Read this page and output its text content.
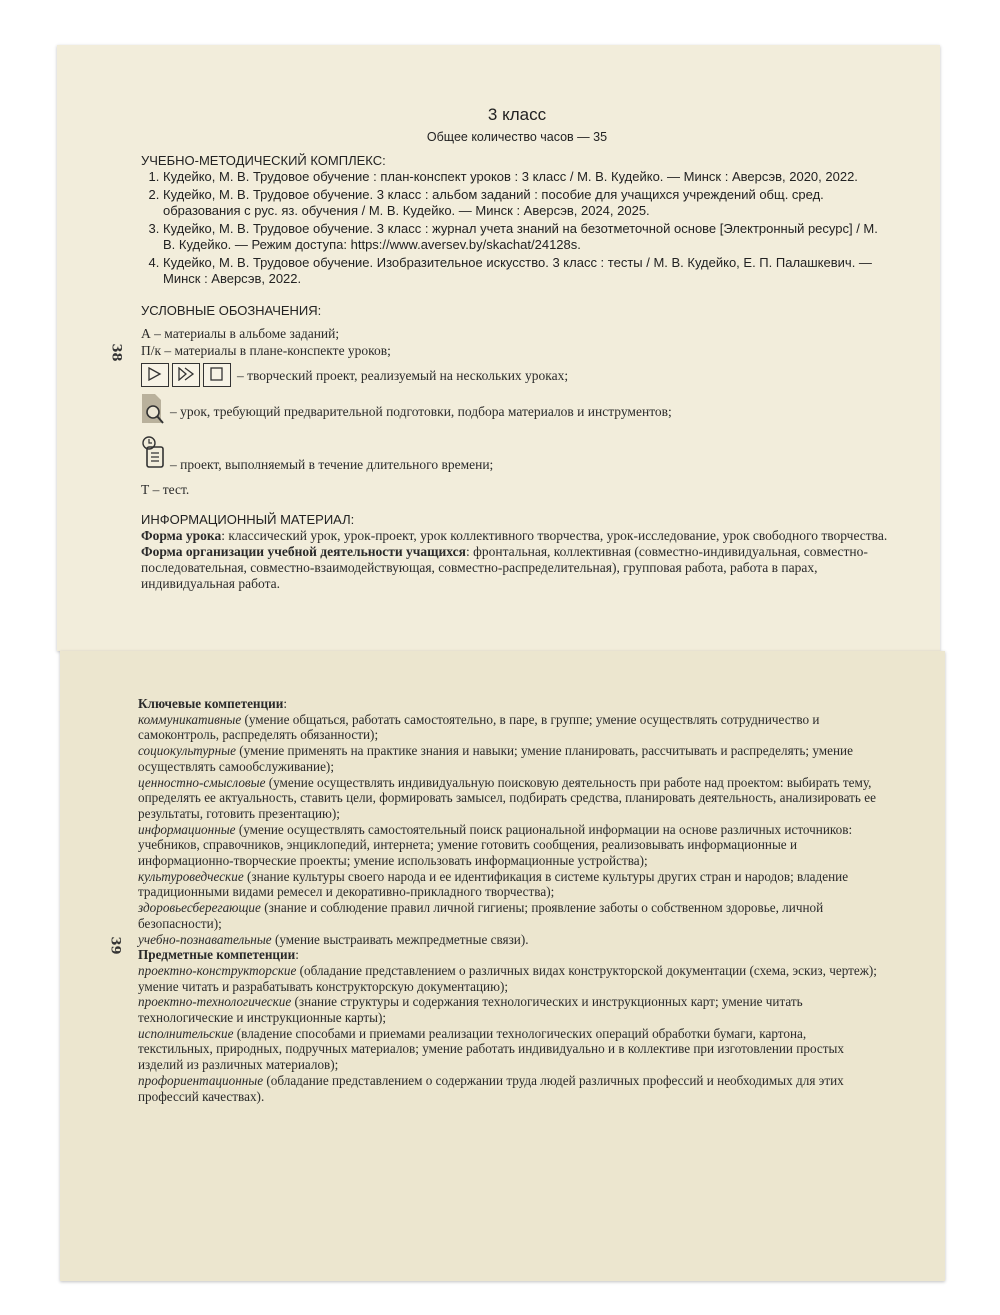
38
3 класс
Общее количество часов — 35
УЧЕБНО-МЕТОДИЧЕСКИЙ КОМПЛЕКС:
1. Кудейко, М. В. Трудовое обучение : план-конспект уроков : 3 класс / М. В. Кудейко. — Минск : Аверсэв, 2020, 2022.
2. Кудейко, М. В. Трудовое обучение. 3 класс : альбом заданий : пособие для учащихся учреждений общ. сред. образования с рус. яз. обучения / М. В. Кудейко. — Минск : Аверсэв, 2024, 2025.
3. Кудейко, М. В. Трудовое обучение. 3 класс : журнал учета знаний на безотметочной основе [Электронный ресурс] / М. В. Кудейко. — Режим доступа: https://www.aversev.by/skachat/24128s.
4. Кудейко, М. В. Трудовое обучение. Изобразительное искусство. 3 класс : тесты / М. В. Кудейко, Е. П. Палашкевич. — Минск : Аверсэв, 2022.
УСЛОВНЫЕ ОБОЗНАЧЕНИЯ:
А – материалы в альбоме заданий;
П/к – материалы в плане-конспекте уроков;
– творческий проект, реализуемый на нескольких уроках;
– урок, требующий предварительной подготовки, подбора материалов и инструментов;
– проект, выполняемый в течение длительного времени;
Т – тест.
ИНФОРМАЦИОННЫЙ МАТЕРИАЛ:
Форма урока: классический урок, урок-проект, урок коллективного творчества, урок-исследование, урок свободного творчества.
Форма организации учебной деятельности учащихся: фронтальная, коллективная (совместно-индивидуальная, совместно-последовательная, совместно-взаимодействующая, совместно-распределительная), групповая работа, работа в парах, индивидуальная работа.
39
Ключевые компетенции:
коммуникативные (умение общаться, работать самостоятельно, в паре, в группе; умение осуществлять сотрудничество и самоконтроль, распределять обязанности);
социокультурные (умение применять на практике знания и навыки; умение планировать, рассчитывать и распределять; умение осуществлять самообслуживание);
ценностно-смысловые (умение осуществлять индивидуальную поисковую деятельность при работе над проектом: выбирать тему, определять ее актуальность, ставить цели, формировать замысел, подбирать средства, планировать деятельность, анализировать ее результаты, готовить презентацию);
информационные (умение осуществлять самостоятельный поиск рациональной информации на основе различных источников: учебников, справочников, энциклопедий, интернета; умение готовить сообщения, реализовывать информационные и информационно-творческие проекты; умение использовать информационные устройства);
культуроведческие (знание культуры своего народа и ее идентификация в системе культуры других стран и народов; владение традиционными видами ремесел и декоративно-прикладного творчества);
здоровьесберегающие (знание и соблюдение правил личной гигиены; проявление заботы о собственном здоровье, личной безопасности);
учебно-познавательные (умение выстраивать межпредметные связи).
Предметные компетенции:
проектно-конструкторские (обладание представлением о различных видах конструкторской документации (схема, эскиз, чертеж); умение читать и разрабатывать конструкторскую документацию);
проектно-технологические (знание структуры и содержания технологических и инструкционных карт; умение читать технологические и инструкционные карты);
исполнительские (владение способами и приемами реализации технологических операций обработки бумаги, картона, текстильных, природных, подручных материалов; умение работать индивидуально и в коллективе при изготовлении простых изделий из различных материалов);
профориентационные (обладание представлением о содержании труда людей различных профессий и необходимых для этих профессий качествах).
